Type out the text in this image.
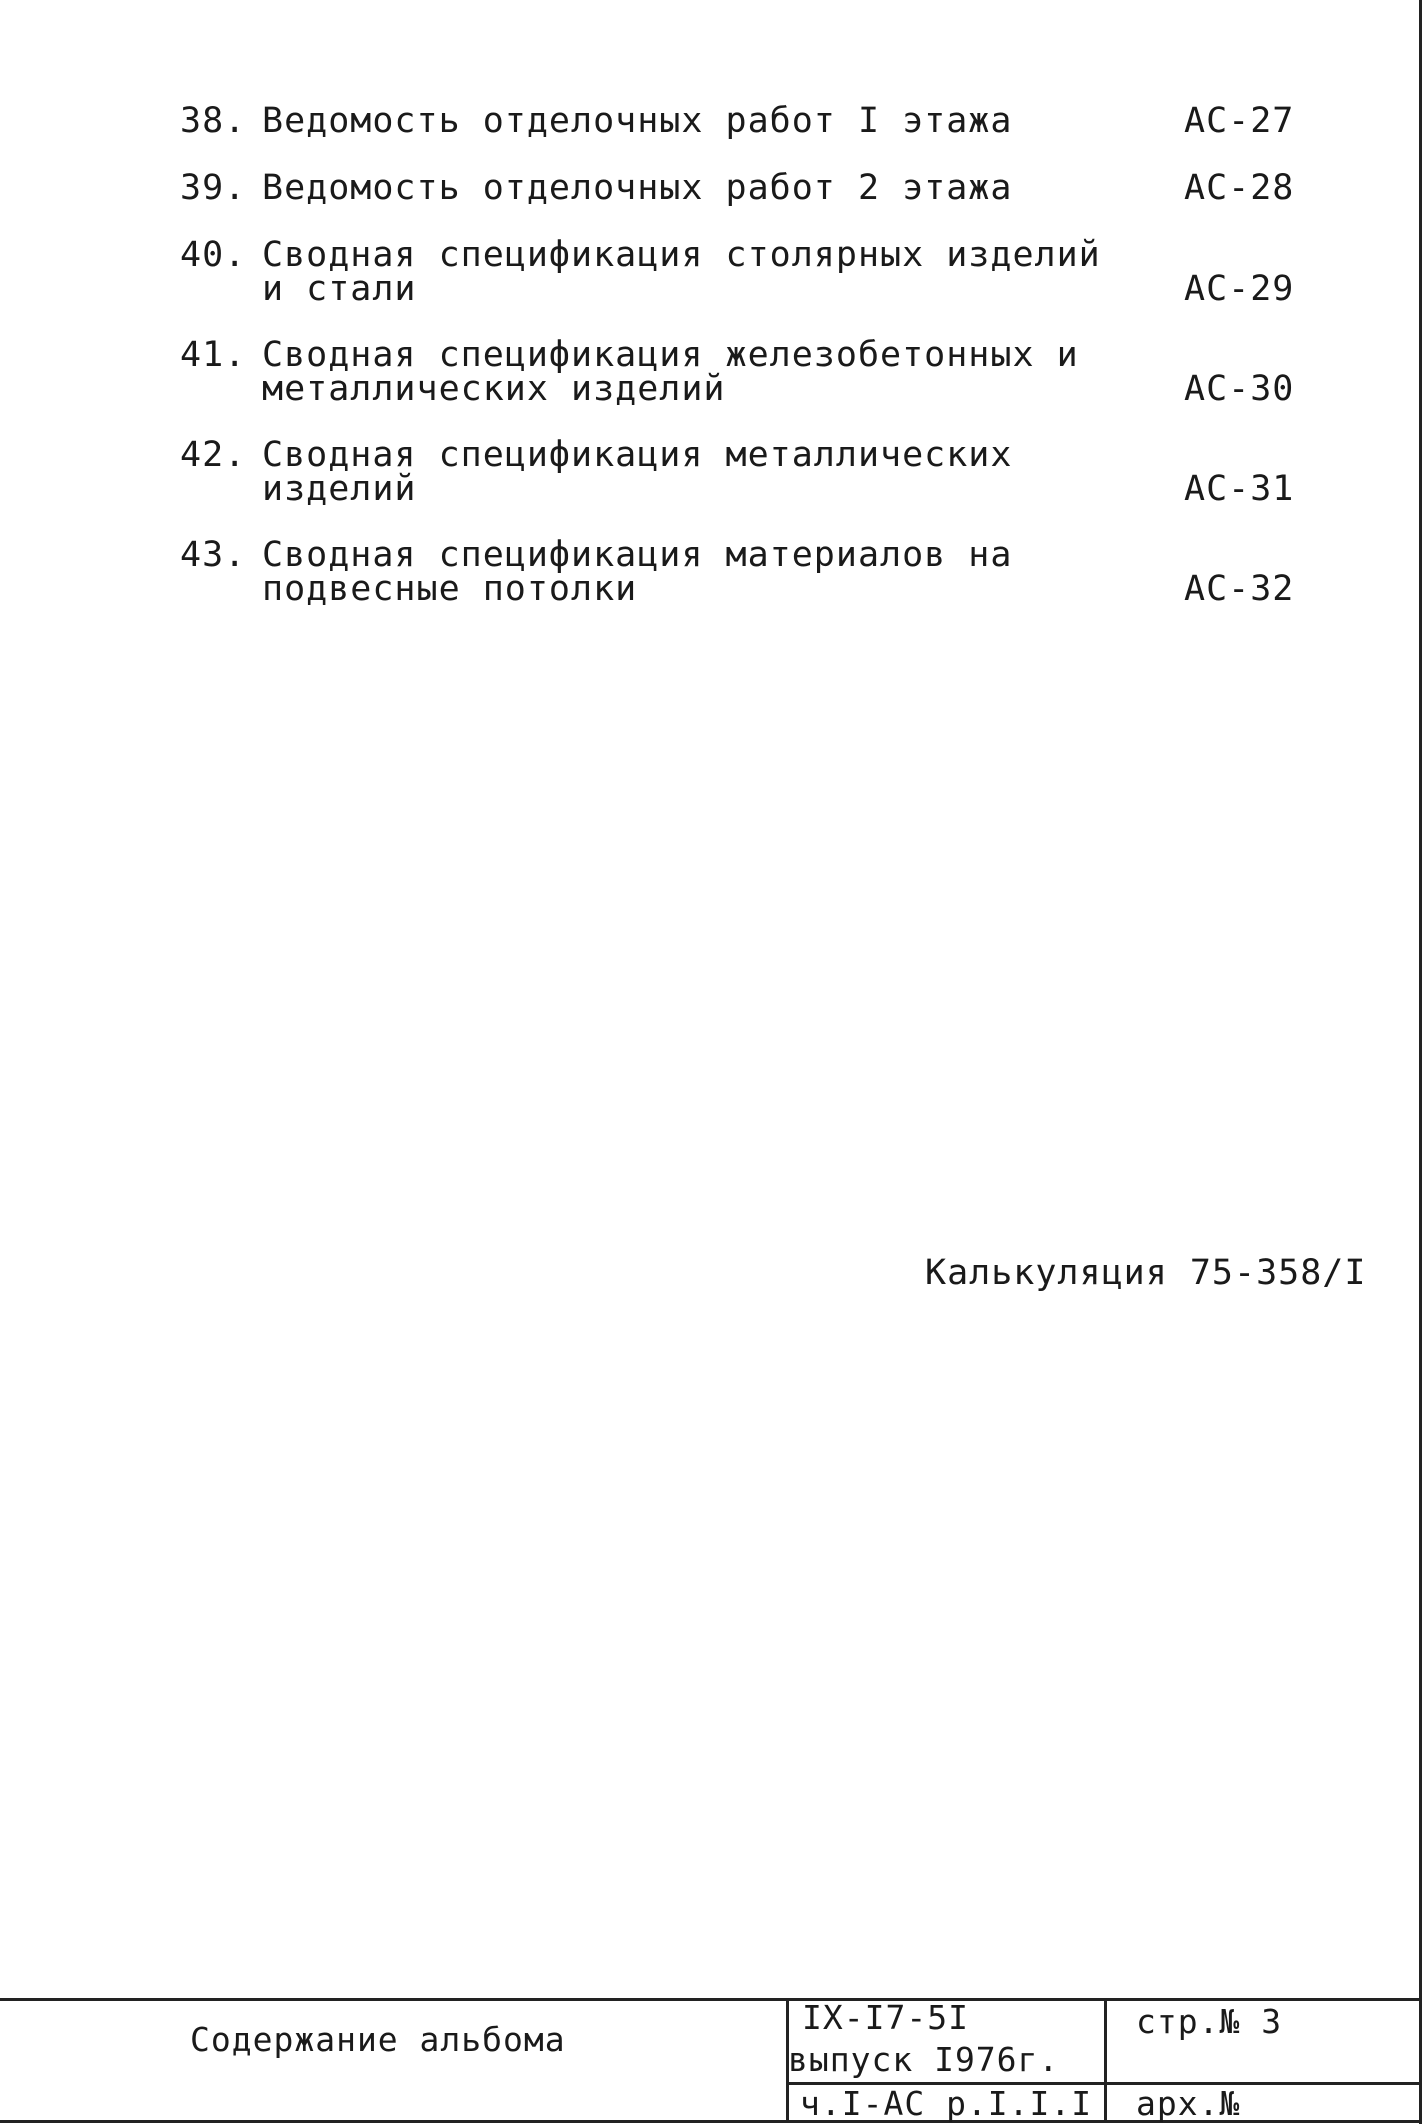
38. Ведомость отделочных работ I этажа	АС-27
39. Ведомость отделочных работ 2 этажа	АС-28
40. Сводная спецификация столярных изделий
и стали	АС-29
41. Сводная спецификация железобетонных и
металлических изделий	АС-30
42. Сводная спецификация металлических
изделий	АС-31
43. Сводная спецификация материалов на
подвесные потолки	АС-32
Калькуляция 75-358/I
Содержание альбома
IX-I7-5I
выпуск I976г.
ч.I-АС р.I.I.I
стр.№ 3
арх.№
